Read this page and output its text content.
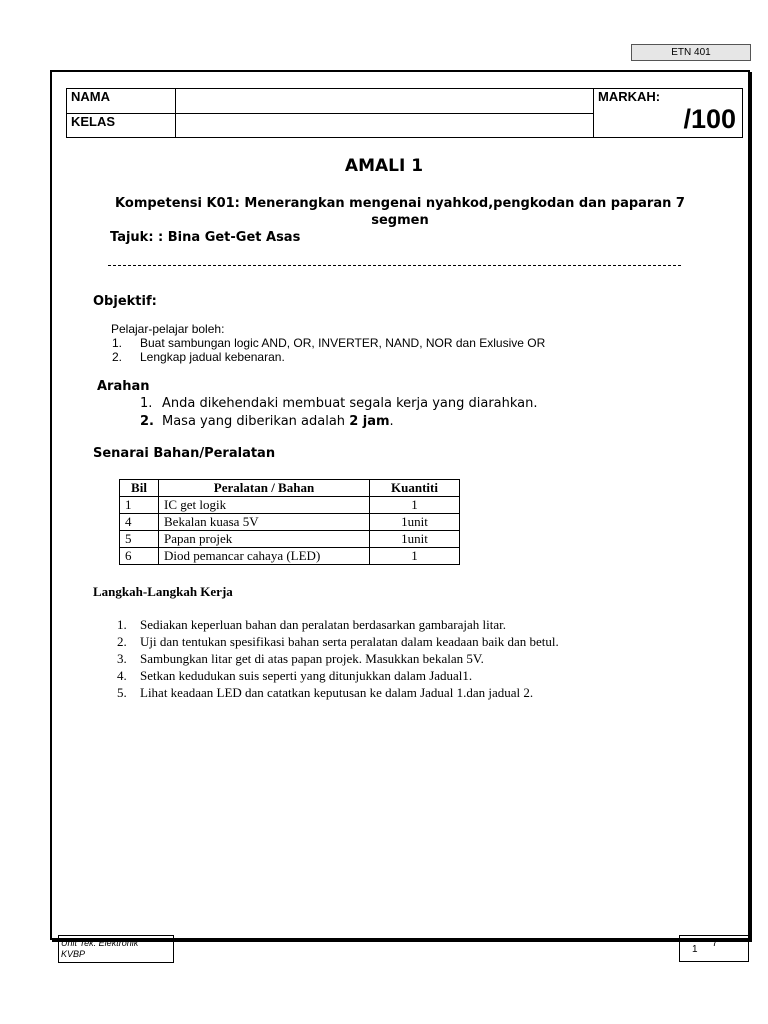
ETN 401
NAMA		MARKAH:
/100

KELAS		
AMALI 1
Kompetensi K01: Menerangkan mengenai nyahkod,pengkodan dan paparan 7 segmen
Tajuk: : Bina Get-Get Asas
Objektif:
Pelajar-pelajar boleh:
1. Buat sambungan logic AND, OR, INVERTER, NAND, NOR dan Exlusive OR
2. Lengkap jadual kebenaran.
Arahan
1. Anda dikehendaki membuat segala kerja yang diarahkan.
2. Masa yang diberikan adalah 2 jam.
Senarai Bahan/Peralatan
Bil	Peralatan / Bahan	Kuantiti
1	IC get logik	1
4	Bekalan kuasa 5V	1unit
5	Papan projek	1unit
6	Diod pemancar cahaya (LED)	1
Langkah-Langkah Kerja
1. Sediakan keperluan bahan dan peralatan berdasarkan gambarajah litar.
2. Uji dan tentukan spesifikasi bahan serta peralatan dalam keadaan baik dan betul.
3. Sambungkan litar get di atas papan projek. Masukkan bekalan 5V.
4. Setkan kedudukan suis seperti yang ditunjukkan dalam Jadual1.
5. Lihat keadaan LED dan catatkan keputusan ke dalam Jadual 1.dan jadual 2.
Unit Tek. Elektronik
KVBP	1
7
